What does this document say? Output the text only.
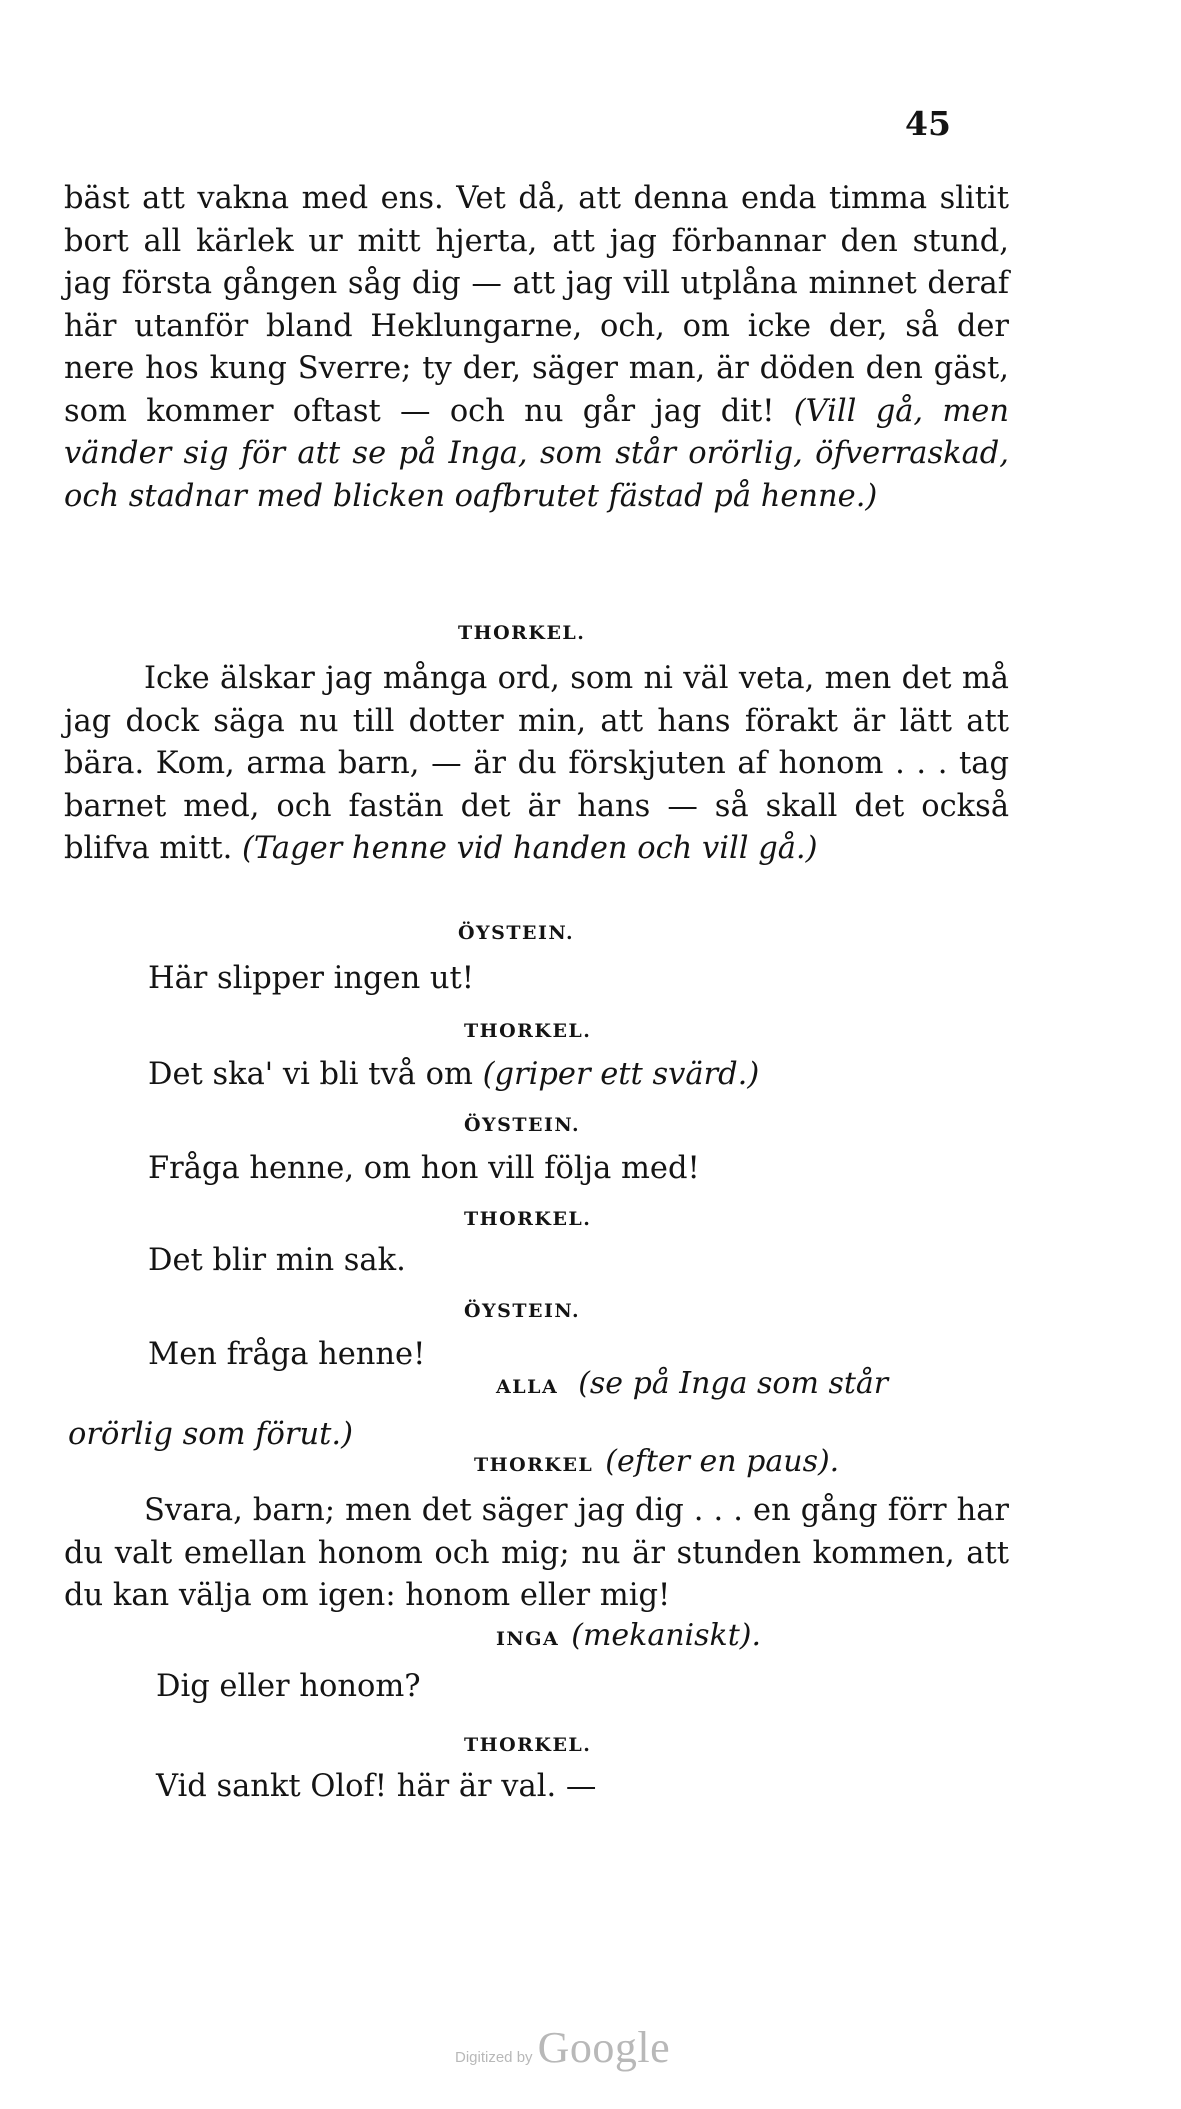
45

bäst att vakna med ens. Vet då, att denna enda timma slitit bort all kärlek ur mitt hjerta, att jag förbannar den stund, jag första gången såg dig — att jag vill utplåna minnet deraf här utanför bland Heklungarne, och, om icke der, så der nere hos kung Sverre; ty der, säger man, är döden den gäst, som kommer oftast — och nu går jag dit! (Vill gå, men vänder sig för att se på Inga, som står orörlig, öfverraskad, och stadnar med blicken oafbrutet fästad på henne.)

THORKEL.

Icke älskar jag många ord, som ni väl veta, men det må jag dock säga nu till dotter min, att hans förakt är lätt att bära. Kom, arma barn, — är du förskjuten af honom . . . tag barnet med, och fastän det är hans — så skall det också blifva mitt. (Tager henne vid handen och vill gå.)

ÖYSTEIN.

Här slipper ingen ut!

THORKEL.

Det ska' vi bli två om (griper ett svärd.)

ÖYSTEIN.

Fråga henne, om hon vill följa med!

THORKEL.

Det blir min sak.

ÖYSTEIN.

Men fråga henne!

ALLA (se på Inga som står

orörlig som förut.)

THORKEL (efter en paus).

Svara, barn; men det säger jag dig . . . en gång förr har du valt emellan honom och mig; nu är stunden kommen, att du kan välja om igen: honom eller mig!

INGA (mekaniskt).

Dig eller honom?

THORKEL.

Vid sankt Olof! här är val. —

Digitized by Google
